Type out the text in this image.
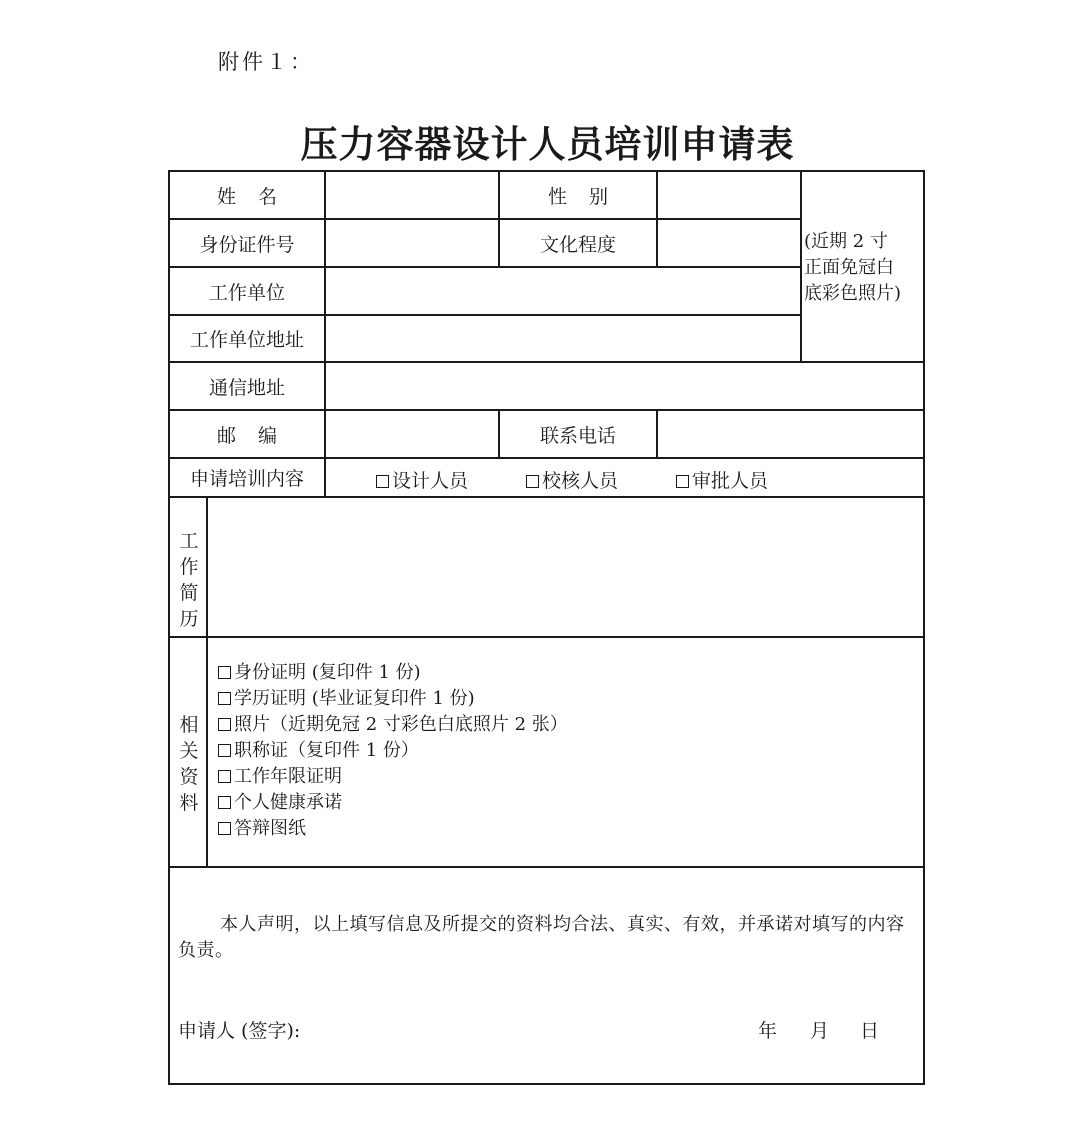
附件１：
压力容器设计人员培训申请表
姓名	性别
身份证件号	文化程度
工作单位
工作单位地址
(近期 2 寸
正面免冠白
底彩色照片)
通信地址
邮编	联系电话
申请培训内容	设计人员	校核人员	审批人员
工作简历
相关资料
身份证明 (复印件 1 份)
学历证明 (毕业证复印件 1 份)
照片（近期免冠 2 寸彩色白底照片 2 张）
职称证（复印件 1 份）
工作年限证明
个人健康承诺
答辩图纸
本人声明，以上填写信息及所提交的资料均合法、真实、有效，并承诺对填写的内容负责。
申请人 (签字):	年 月 日
